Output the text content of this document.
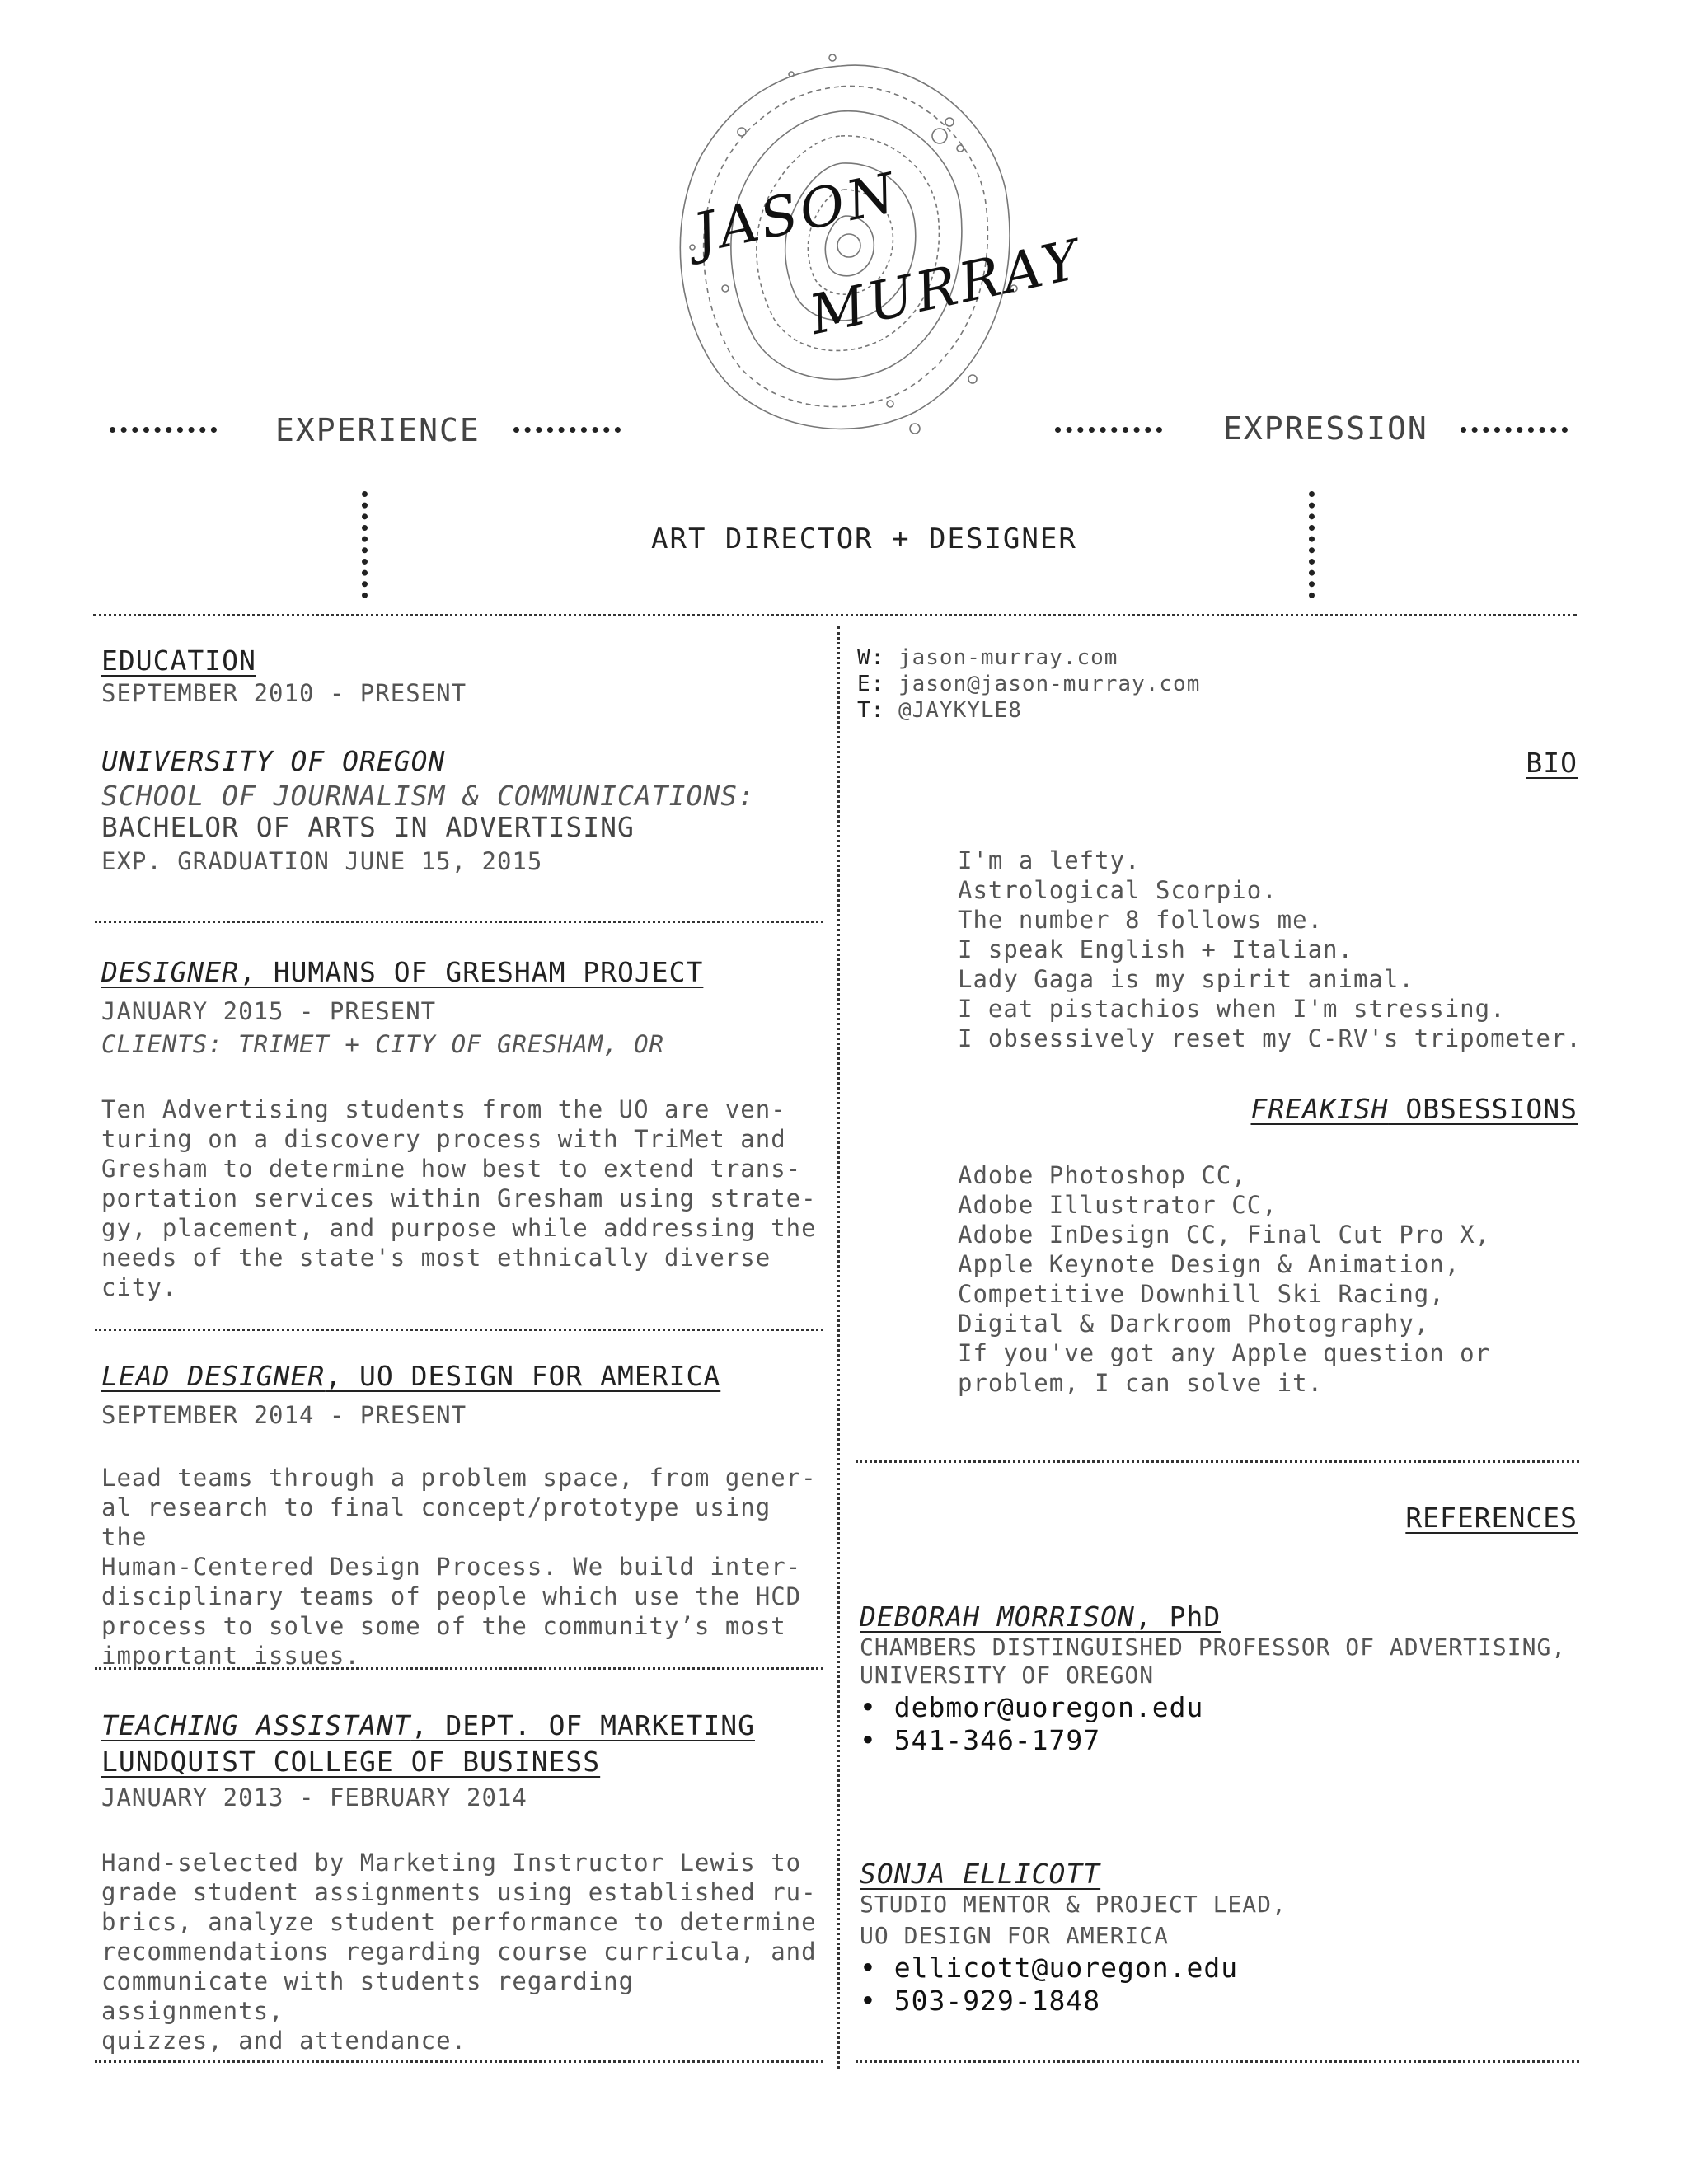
JASON
MURRAY
EXPERIENCE	EXPRESSION
ART DIRECTOR + DESIGNER
EDUCATION
SEPTEMBER 2010 - PRESENT
UNIVERSITY OF OREGON
SCHOOL OF JOURNALISM & COMMUNICATIONS:
BACHELOR OF ARTS IN ADVERTISING
EXP. GRADUATION JUNE 15, 2015
DESIGNER, HUMANS OF GRESHAM PROJECT
JANUARY 2015 - PRESENT
CLIENTS: TRIMET + CITY OF GRESHAM, OR
Ten Advertising students from the UO are ven-
turing on a discovery process with TriMet and
Gresham to determine how best to extend trans-
portation services within Gresham using strate-
gy, placement, and purpose while addressing the
needs of the state's most ethnically diverse
city.
LEAD DESIGNER, UO DESIGN FOR AMERICA
SEPTEMBER 2014 - PRESENT
Lead teams through a problem space, from gener-
al research to final concept/prototype using the
Human-Centered Design Process. We build inter-
disciplinary teams of people which use the HCD
process to solve some of the community’s most
important issues.
TEACHING ASSISTANT, DEPT. OF MARKETING
LUNDQUIST COLLEGE OF BUSINESS
JANUARY 2013 - FEBRUARY 2014
Hand-selected by Marketing Instructor Lewis to
grade student assignments using established ru-
brics, analyze student performance to determine
recommendations regarding course curricula, and
communicate with students regarding assignments,
quizzes, and attendance.
W: jason-murray.com
E: jason@jason-murray.com
T: @JAYKYLE8
BIO
I'm a lefty.
Astrological Scorpio.
The number 8 follows me.
I speak English + Italian.
Lady Gaga is my spirit animal.
I eat pistachios when I'm stressing.
I obsessively reset my C-RV's tripometer.
FREAKISH OBSESSIONS
Adobe Photoshop CC,
Adobe Illustrator CC,
Adobe InDesign CC, Final Cut Pro X,
Apple Keynote Design & Animation,
Competitive Downhill Ski Racing,
Digital & Darkroom Photography,
If you've got any Apple question or
problem, I can solve it.
REFERENCES
DEBORAH MORRISON, PhD
CHAMBERS DISTINGUISHED PROFESSOR OF ADVERTISING,
UNIVERSITY OF OREGON
• debmor@uoregon.edu
• 541-346-1797
SONJA ELLICOTT
STUDIO MENTOR & PROJECT LEAD,
UO DESIGN FOR AMERICA
• ellicott@uoregon.edu
• 503-929-1848
